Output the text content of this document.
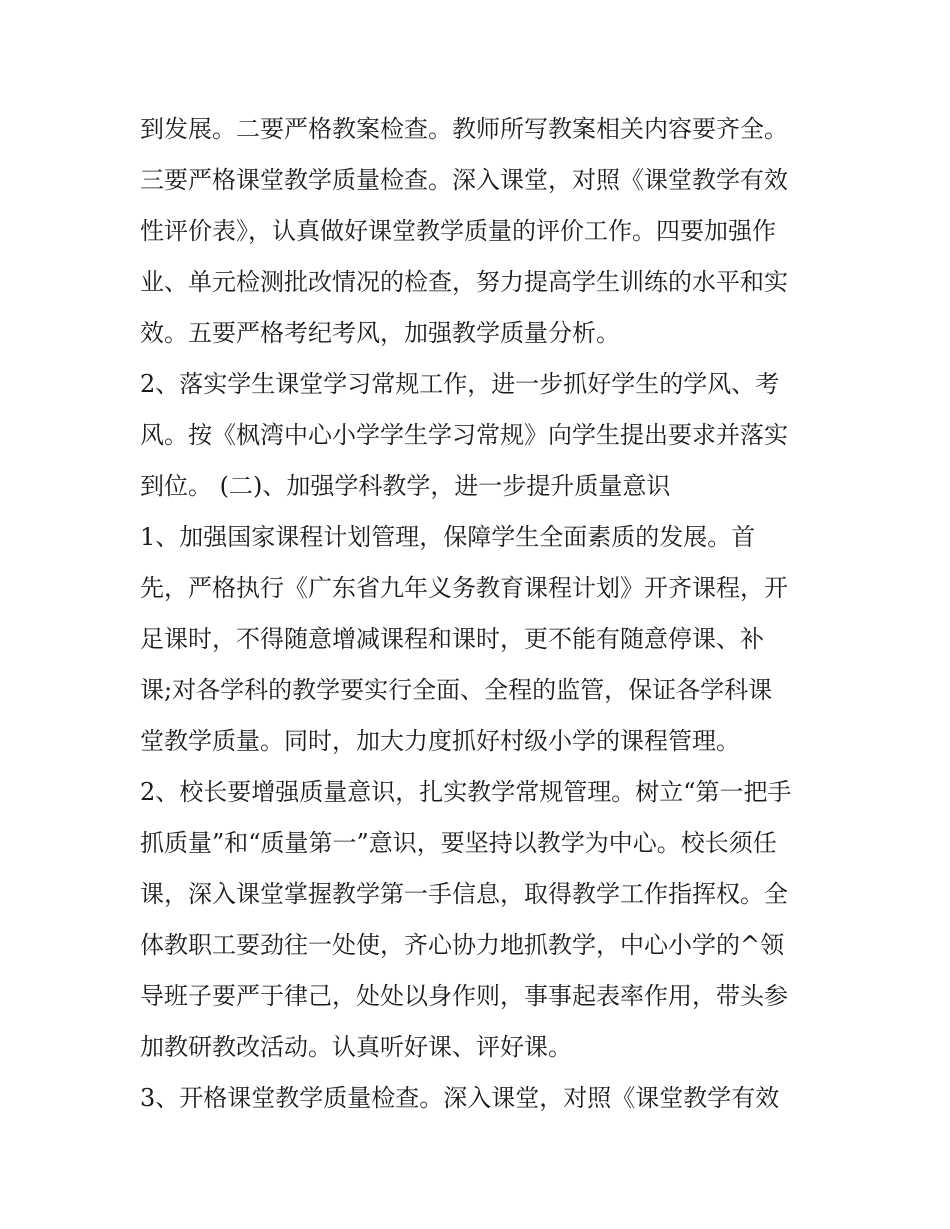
到发展。二要严格教案检查。教师所写教案相关内容要齐全。
三要严格课堂教学质量检查。深入课堂，对照《课堂教学有效
性评价表》，认真做好课堂教学质量的评价工作。四要加强作
业、单元检测批改情况的检查，努力提高学生训练的水平和实
效。五要严格考纪考风，加强教学质量分析。
2、落实学生课堂学习常规工作，进一步抓好学生的学风、考
风。按《枫湾中心小学学生学习常规》向学生提出要求并落实
到位。 (二)、加强学科教学，进一步提升质量意识
1、加强国家课程计划管理，保障学生全面素质的发展。首
先，严格执行《广东省九年义务教育课程计划》开齐课程，开
足课时，不得随意增减课程和课时，更不能有随意停课、补
课;对各学科的教学要实行全面、全程的监管，保证各学科课
堂教学质量。同时，加大力度抓好村级小学的课程管理。
2、校长要增强质量意识，扎实教学常规管理。树立“第一把手
抓质量”和“质量第一”意识，要坚持以教学为中心。校长须任
课，深入课堂掌握教学第一手信息，取得教学工作指挥权。全
体教职工要劲往一处使，齐心协力地抓教学，中心小学的^领
导班子要严于律己，处处以身作则，事事起表率作用，带头参
加教研教改活动。认真听好课、评好课。
3、开格课堂教学质量检查。深入课堂，对照《课堂教学有效
